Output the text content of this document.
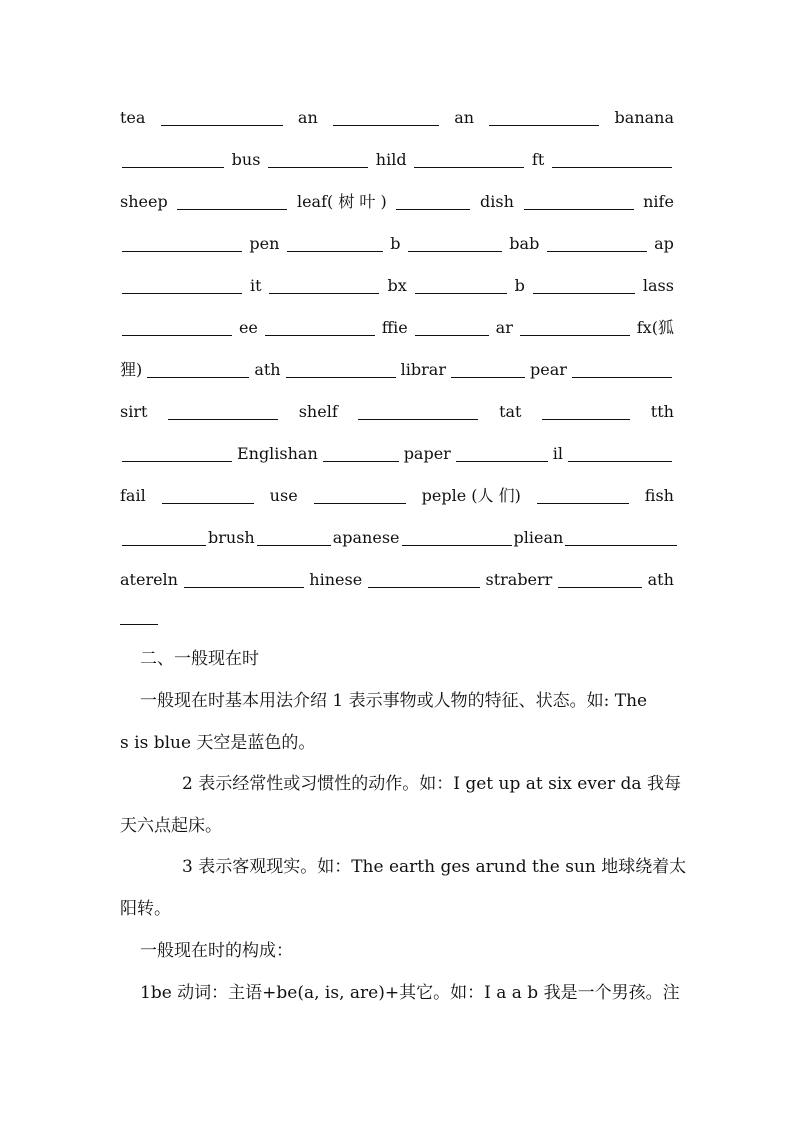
tea	an	an	banana
bus	hild	ft
sheep	leaf( 树 叶 )	dish	nife
pen	b	bab	ap
it	bx	b	lass
ee	ffie	ar	fx(狐
狸)	ath	librar	pear
sirt	shelf	tat	tth
Englishan	paper	il
fail	use	peple (人 们)	fish
brush	apanese	pliean
atereln	hinese	straberr	ath
二、一般现在时
一般现在时基本用法介绍 1 表示事物或人物的特征、状态。如: The
s is blue 天空是蓝色的。
2 表示经常性或习惯性的动作。如：I get up at six ever da 我每
天六点起床。
3 表示客观现实。如：The earth ges arund the sun 地球绕着太
阳转。
一般现在时的构成：
1be 动词：主语+be(a, is, are)+其它。如：I a a b 我是一个男孩。注
